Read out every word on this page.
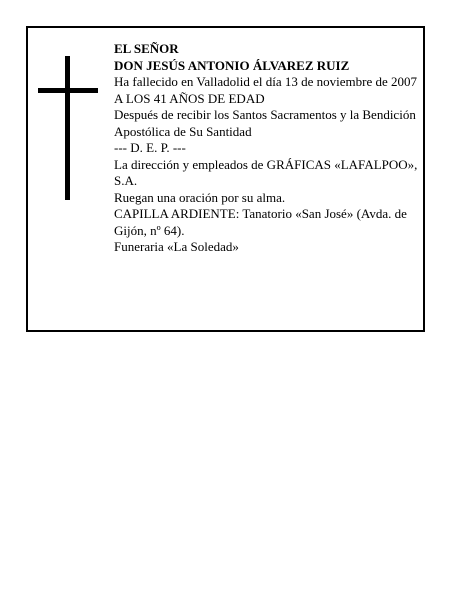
EL SEÑOR
DON JESÚS ANTONIO ÁLVAREZ RUIZ
Ha fallecido en Valladolid el día 13 de noviembre de 2007
A LOS 41 AÑOS DE EDAD
Después de recibir los Santos Sacramentos y la Bendición Apostólica de Su Santidad
--- D. E. P. ---
La dirección y empleados de GRÁFICAS «LAFALPOO», S.A.
Ruegan una oración por su alma.
CAPILLA ARDIENTE: Tanatorio «San José» (Avda. de Gijón, nº 64).
Funeraria «La Soledad»
